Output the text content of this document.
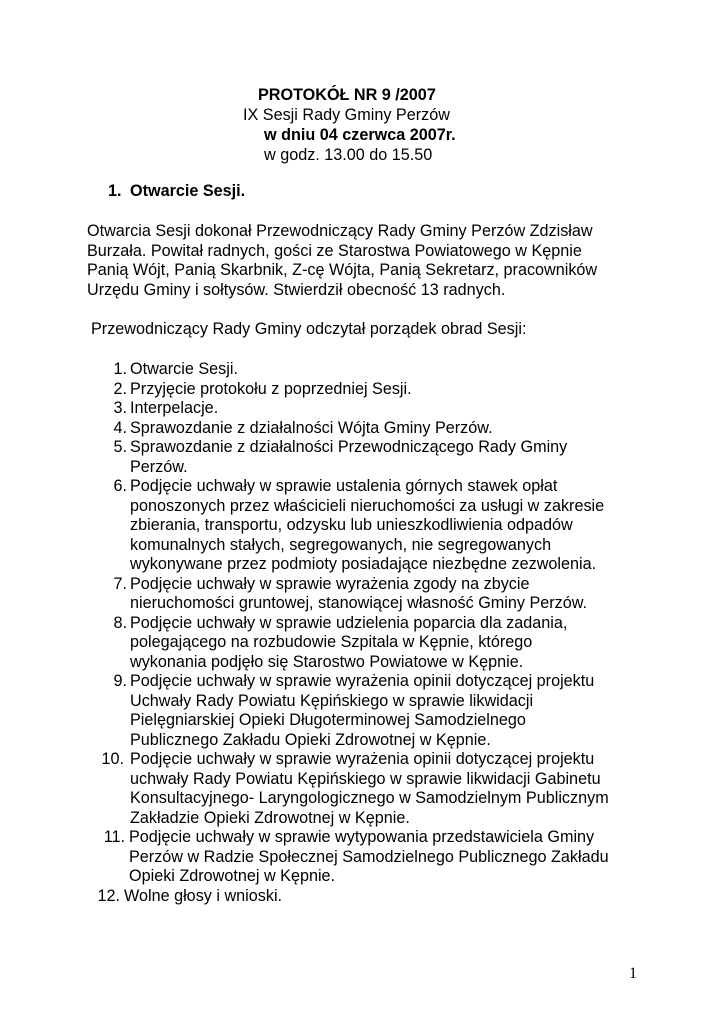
PROTOKÓŁ NR 9 /2007
IX Sesji Rady Gminy Perzów
w dniu 04 czerwca 2007r.
w godz. 13.00 do 15.50
1. Otwarcie Sesji.
Otwarcia Sesji dokonał Przewodniczący Rady Gminy Perzów Zdzisław
Burzała. Powitał radnych, gości ze Starostwa Powiatowego w Kępnie
Panią Wójt, Panią Skarbnik, Z-cę Wójta, Panią Sekretarz, pracowników
Urzędu Gminy i sołtysów. Stwierdził obecność 13 radnych.
Przewodniczący Rady Gminy odczytał porządek obrad Sesji:
1. Otwarcie Sesji.
2. Przyjęcie protokołu z poprzedniej Sesji.
3. Interpelacje.
4. Sprawozdanie z działalności Wójta Gminy Perzów.
5. Sprawozdanie z działalności Przewodniczącego Rady Gminy
Perzów.
6. Podjęcie uchwały w sprawie ustalenia górnych stawek opłat
ponoszonych przez właścicieli nieruchomości za usługi w zakresie
zbierania, transportu, odzysku lub unieszkodliwienia odpadów
komunalnych stałych, segregowanych, nie segregowanych
wykonywane przez podmioty posiadające niezbędne zezwolenia.
7. Podjęcie uchwały w sprawie wyrażenia zgody na zbycie
nieruchomości gruntowej, stanowiącej własność Gminy Perzów.
8. Podjęcie uchwały w sprawie udzielenia poparcia dla zadania,
polegającego na rozbudowie Szpitala w Kępnie, którego
wykonania podjęło się Starostwo Powiatowe w Kępnie.
9. Podjęcie uchwały w sprawie wyrażenia opinii dotyczącej projektu
Uchwały Rady Powiatu Kępińskiego w sprawie likwidacji
Pielęgniarskiej Opieki Długoterminowej Samodzielnego
Publicznego Zakładu Opieki Zdrowotnej w Kępnie.
10. Podjęcie uchwały w sprawie wyrażenia opinii dotyczącej projektu
uchwały Rady Powiatu Kępińskiego w sprawie likwidacji Gabinetu
Konsultacyjnego- Laryngologicznego w Samodzielnym Publicznym
Zakładzie Opieki Zdrowotnej w Kępnie.
11. Podjęcie uchwały w sprawie wytypowania przedstawiciela Gminy
Perzów w Radzie Społecznej Samodzielnego Publicznego Zakładu
Opieki Zdrowotnej w Kępnie.
12. Wolne głosy i wnioski.
1
